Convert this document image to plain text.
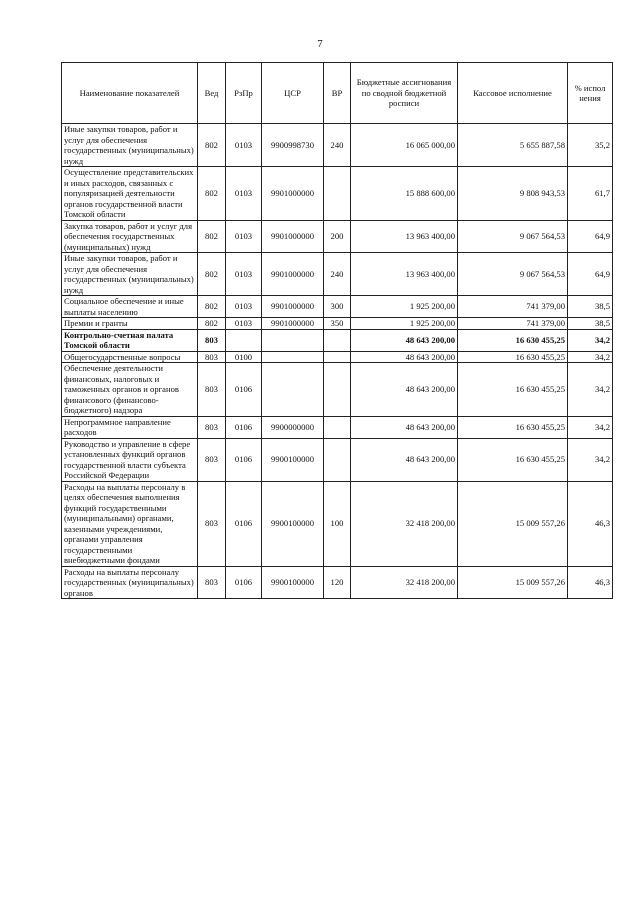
7
Наименование показателей	Вед	РзПр	ЦСР	ВР	Бюджетные ассигнования по сводной бюджетной росписи	Кассовое исполнение	% испол нения
Иные закупки товаров, работ и услуг для обеспечения государственных (муниципальных) нужд	802	0103	9900998730	240	16 065 000,00	5 655 887,58	35,2
Осуществление представительских и иных расходов, связанных с популяризацией деятельности органов государственной власти Томской области	802	0103	9901000000		15 888 600,00	9 808 943,53	61,7
Закупка товаров, работ и услуг для обеспечения государственных (муниципальных) нужд	802	0103	9901000000	200	13 963 400,00	9 067 564,53	64,9
Иные закупки товаров, работ и услуг для обеспечения государственных (муниципальных) нужд	802	0103	9901000000	240	13 963 400,00	9 067 564,53	64,9
Социальное обеспечение и иные выплаты населению	802	0103	9901000000	300	1 925 200,00	741 379,00	38,5
Премии и гранты	802	0103	9901000000	350	1 925 200,00	741 379,00	38,5
Контрольно-счетная палата Томской области	803				48 643 200,00	16 630 455,25	34,2
Общегосударственные вопросы	803	0100			48 643 200,00	16 630 455,25	34,2
Обеспечение деятельности финансовых, налоговых и таможенных органов и органов финансового (финансово-бюджетного) надзора	803	0106			48 643 200,00	16 630 455,25	34,2
Непрограммное направление расходов	803	0106	9900000000		48 643 200,00	16 630 455,25	34,2
Руководство и управление в сфере установленных функций органов государственной власти субъекта Российской Федерации	803	0106	9900100000		48 643 200,00	16 630 455,25	34,2
Расходы на выплаты персоналу в целях обеспечения выполнения функций государственными (муниципальными) органами, казенными учреждениями, органами управления государственными внебюджетными фондами	803	0106	9900100000	100	32 418 200,00	15 009 557,26	46,3
Расходы на выплаты персоналу государственных (муниципальных) органов	803	0106	9900100000	120	32 418 200,00	15 009 557,26	46,3
